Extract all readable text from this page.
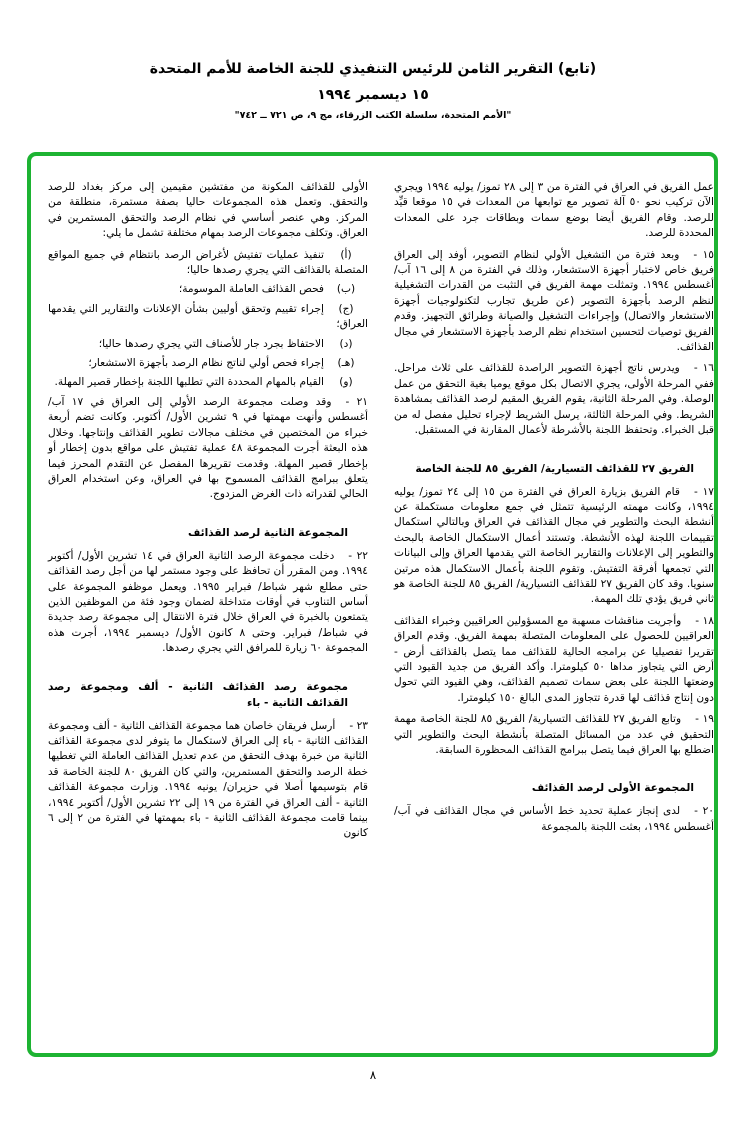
(تابع) التقرير الثامن للرئيس التنفيذي للجنة الخاصة للأمم المتحدة

١٥ ديسمبر ١٩٩٤

"الأمم المتحدة، سلسلة الكتب الزرقاء، مج ٩، ص ٧٢١ ــ ٧٤٢"

عمل الفريق في العراق في الفترة من ٣ إلى ٢٨ تموز/ يوليه ١٩٩٤ ويجري الآن تركيب نحو ٥٠ آلة تصوير مع توابعها من المعدات في ١٥ موقعا قيِّد للرصد. وقام الفريق أيضا بوضع سمات وبطاقات جرد على المعدات المحددة للرصد.

١٥ -وبعد فترة من التشغيل الأولي لنظام التصوير، أوفد إلى العراق فريق خاص لاختبار أجهزة الاستشعار، وذلك في الفترة من ٨ إلى ١٦ آب/ أغسطس ١٩٩٤. وتمثلت مهمة الفريق في التثبت من القدرات التشغيلية لنظم الرصد بأجهزة التصوير (عن طريق تجارب لتكنولوجيات أجهزة الاستشعار والاتصال) وإجراءات التشغيل والصيانة وطرائق التجهيز. وقدم الفريق توصيات لتحسين استخدام نظم الرصد بأجهزة الاستشعار في مجال القذائف.

١٦ -ويدرس ناتج أجهزة التصوير الراصدة للقذائف على ثلاث مراحل. ففي المرحلة الأولى، يجري الاتصال بكل موقع يوميا بغية التحقق من عمل الوصلة. وفي المرحلة الثانية، يقوم الفريق المقيم لرصد القذائف بمشاهدة الشريط. وفي المرحلة الثالثة، يرسل الشريط لإجراء تحليل مفصل له من قبل الخبراء. وتحتفظ اللجنة بالأشرطة لأعمال المقارنة في المستقبل.

الفريق ٢٧ للقذائف التسيارية/ الفريق ٨٥ للجنة الخاصة

١٧ -قام الفريق بزيارة العراق في الفترة من ١٥ إلى ٢٤ تموز/ يوليه ١٩٩٤، وكانت مهمته الرئيسية تتمثل في جمع معلومات مستكملة عن أنشطة البحث والتطوير في مجال القذائف في العراق وبالتالي استكمال تقييمات اللجنة لهذه الأنشطة. وتستند أعمال الاستكمال الخاصة بالبحث والتطوير إلى الإعلانات والتقارير الخاصة التي يقدمها العراق وإلى البيانات التي تجمعها أفرقة التفتيش. وتقوم اللجنة بأعمال الاستكمال هذه مرتين سنويا. وقد كان الفريق ٢٧ للقذائف التسيارية/ الفريق ٨٥ للجنة الخاصة هو ثاني فريق يؤدي تلك المهمة.

١٨ -وأجريت مناقشات مسهبة مع المسؤولين العراقيين وخبراء القذائف العراقيين للحصول على المعلومات المتصلة بمهمة الفريق. وقدم العراق تقريرا تفصيليا عن برامجه الحالية للقذائف مما يتصل بالقذائف أرض - أرض التي يتجاوز مداها ٥٠ كيلومترا. وأكد الفريق من جديد القيود التي وضعتها اللجنة على بعض سمات تصميم القذائف، وهي القيود التي تحول دون إنتاج قذائف لها قدرة تتجاوز المدى البالغ ١٥٠ كيلومترا.

١٩ -وتابع الفريق ٢٧ للقذائف التسيارية/ الفريق ٨٥ للجنة الخاصة مهمة التحقيق في عدد من المسائل المتصلة بأنشطة البحث والتطوير التي اضطلع بها العراق فيما يتصل ببرامج القذائف المحظورة السابقة.

المجموعة الأولى لرصد القذائف

٢٠ -لدى إنجاز عملية تحديد خط الأساس في مجال القذائف في آب/ أغسطس ١٩٩٤، بعثت اللجنة بالمجموعة

الأولى للقذائف المكونة من مفتشين مقيمين إلى مركز بغداد للرصد والتحقق. وتعمل هذه المجموعات حاليا بصفة مستمرة، منطلقة من المركز. وهي عنصر أساسي في نظام الرصد والتحقق المستمرين في العراق. وتكلف مجموعات الرصد بمهام مختلفة تشمل ما يلي:

(أ)تنفيذ عمليات تفتيش لأغراض الرصد بانتظام في جميع المواقع المتصلة بالقذائف التي يجري رصدها حاليا؛
(ب)فحص القذائف العاملة الموسومة؛
(ج)إجراء تقييم وتحقق أوليين بشأن الإعلانات والتقارير التي يقدمها العراق؛
(د)الاحتفاظ بجرد جار للأصناف التي يجري رصدها حاليا؛
(هـ)إجراء فحص أولي لناتج نظام الرصد بأجهزة الاستشعار؛
(و)القيام بالمهام المحددة التي تطلبها اللجنة بإخطار قصير المهلة.

٢١ -وقد وصلت مجموعة الرصد الأولي إلى العراق في ١٧ آب/ أغسطس وأنهت مهمتها في ٩ تشرين الأول/ أكتوبر. وكانت تضم أربعة خبراء من المختصين في مختلف مجالات تطوير القذائف وإنتاجها. وخلال هذه البعثة أجرت المجموعة ٤٨ عملية تفتيش على مواقع بدون إخطار أو بإخطار قصير المهلة. وقدمت تقريرها المفصل عن التقدم المحرز فيما يتعلق ببرامج القذائف المسموح بها في العراق، وعن استخدام العراق الحالي لقدراته ذات الغرض المزدوج.

المجموعة الثانية لرصد القذائف

٢٢ -دخلت مجموعة الرصد الثانية العراق في ١٤ تشرين الأول/ أكتوبر ١٩٩٤. ومن المقرر أن تحافظ على وجود مستمر لها من أجل رصد القذائف حتى مطلع شهر شباط/ فبراير ١٩٩٥. ويعمل موظفو المجموعة على أساس التناوب في أوقات متداخلة لضمان وجود فئة من الموظفين الذين يتمتعون بالخبرة في العراق خلال فترة الانتقال إلى مجموعة رصد جديدة في شباط/ فبراير. وحتى ٨ كانون الأول/ ديسمبر ١٩٩٤، أجرت هذه المجموعة ٦٠ زيارة للمرافق التي يجري رصدها.

مجموعة رصد القذائف الثانية - ألف ومجموعة رصد القذائف الثانية - باء

٢٣ -أرسل فريقان خاصان هما مجموعة القذائف الثانية - ألف ومجموعة القذائف الثانية - باء إلى العراق لاستكمال ما يتوفر لدى مجموعة القذائف الثانية من خبرة بهدف التحقق من عدم تعديل القذائف العاملة التي تغطيها خطة الرصد والتحقق المستمرين، والتي كان الفريق ٨٠ للجنة الخاصة قد قام بتوسيمها أصلا في حزيران/ يونيه ١٩٩٤. وزارت مجموعة القذائف الثانية - ألف العراق في الفترة من ١٩ إلى ٢٢ تشرين الأول/ أكتوبر ١٩٩٤، بينما قامت مجموعة القذائف الثانية - باء بمهمتها في الفترة من ٢ إلى ٦ كانون

٨
